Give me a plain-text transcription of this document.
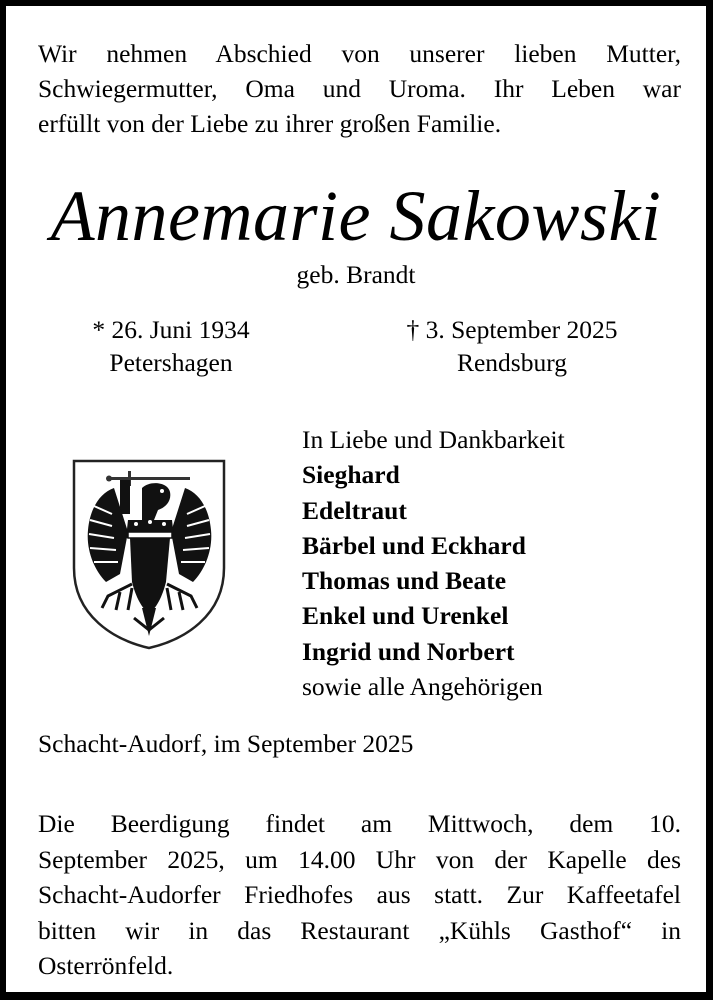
Wir nehmen Abschied von unserer lieben Mutter,
Schwiegermutter, Oma und Uroma. Ihr Leben war
erfüllt von der Liebe zu ihrer großen Familie.
Annemarie Sakowski
geb. Brandt
* 26. Juni 1934
Petershagen
† 3. September 2025
Rendsburg
In Liebe und Dankbarkeit
Sieghard
Edeltraut
Bärbel und Eckhard
Thomas und Beate
Enkel und Urenkel
Ingrid und Norbert
sowie alle Angehörigen
Schacht-Audorf, im September 2025
Die Beerdigung findet am Mittwoch, dem 10.
September 2025, um 14.00 Uhr von der Kapelle des
Schacht-Audorfer Friedhofes aus statt. Zur Kaffeetafel
bitten wir in das Restaurant „Kühls Gasthof“ in
Osterrönfeld.
